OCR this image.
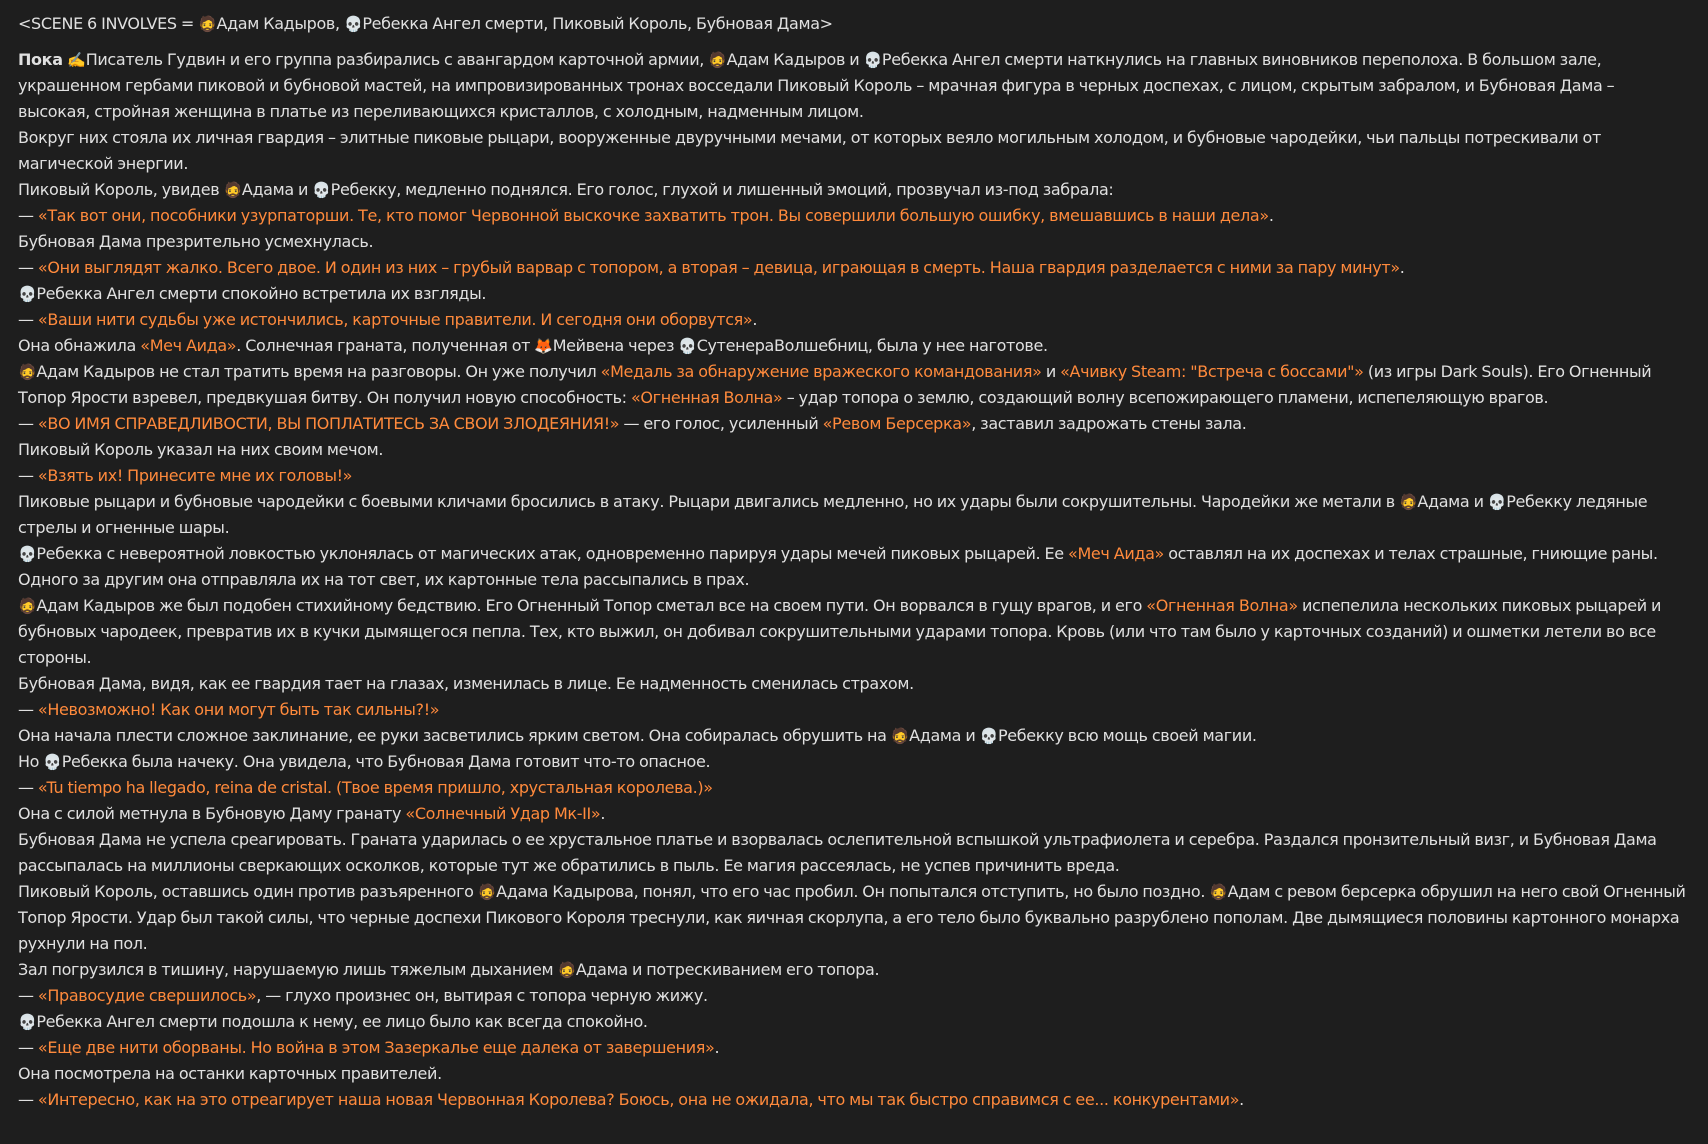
<SCENE 6 INVOLVES = 🧔Адам Кадыров, 💀Ребекка Ангел смерти, Пиковый Король, Бубновая Дама>
Пока ✍️Писатель Гудвин и его группа разбирались с авангардом карточной армии, 🧔Адам Кадыров и 💀Ребекка Ангел смерти наткнулись на главных виновников переполоха. В большом зале, украшенном гербами пиковой и бубновой мастей, на импровизированных тронах восседали Пиковый Король – мрачная фигура в черных доспехах, с лицом, скрытым забралом, и Бубновая Дама – высокая, стройная женщина в платье из переливающихся кристаллов, с холодным, надменным лицом.
Вокруг них стояла их личная гвардия – элитные пиковые рыцари, вооруженные двуручными мечами, от которых веяло могильным холодом, и бубновые чародейки, чьи пальцы потрескивали от магической энергии.
Пиковый Король, увидев 🧔Адама и 💀Ребекку, медленно поднялся. Его голос, глухой и лишенный эмоций, прозвучал из-под забрала:
— «Так вот они, пособники узурпаторши. Те, кто помог Червонной выскочке захватить трон. Вы совершили большую ошибку, вмешавшись в наши дела».
Бубновая Дама презрительно усмехнулась.
— «Они выглядят жалко. Всего двое. И один из них – грубый варвар с топором, а вторая – девица, играющая в смерть. Наша гвардия разделается с ними за пару минут».
💀Ребекка Ангел смерти спокойно встретила их взгляды.
— «Ваши нити судьбы уже истончились, карточные правители. И сегодня они оборвутся».
Она обнажила «Меч Аида». Солнечная граната, полученная от 🦊Мейвена через 💀СутенераВолшебниц, была у нее наготове.
🧔Адам Кадыров не стал тратить время на разговоры. Он уже получил «Медаль за обнаружение вражеского командования» и «Ачивку Steam: "Встреча с боссами"» (из игры Dark Souls). Его Огненный Топор Ярости взревел, предвкушая битву. Он получил новую способность: «Огненная Волна» – удар топора о землю, создающий волну всепожирающего пламени, испепеляющую врагов.
— «ВО ИМЯ СПРАВЕДЛИВОСТИ, ВЫ ПОПЛАТИТЕСЬ ЗА СВОИ ЗЛОДЕЯНИЯ!» — его голос, усиленный «Ревом Берсерка», заставил задрожать стены зала.
Пиковый Король указал на них своим мечом.
— «Взять их! Принесите мне их головы!»
Пиковые рыцари и бубновые чародейки с боевыми кличами бросились в атаку. Рыцари двигались медленно, но их удары были сокрушительны. Чародейки же метали в 🧔Адама и 💀Ребекку ледяные стрелы и огненные шары.
💀Ребекка с невероятной ловкостью уклонялась от магических атак, одновременно парируя удары мечей пиковых рыцарей. Ее «Меч Аида» оставлял на их доспехах и телах страшные, гниющие раны. Одного за другим она отправляла их на тот свет, их картонные тела рассыпались в прах.
🧔Адам Кадыров же был подобен стихийному бедствию. Его Огненный Топор сметал все на своем пути. Он ворвался в гущу врагов, и его «Огненная Волна» испепелила нескольких пиковых рыцарей и бубновых чародеек, превратив их в кучки дымящегося пепла. Тех, кто выжил, он добивал сокрушительными ударами топора. Кровь (или что там было у карточных созданий) и ошметки летели во все стороны.
Бубновая Дама, видя, как ее гвардия тает на глазах, изменилась в лице. Ее надменность сменилась страхом.
— «Невозможно! Как они могут быть так сильны?!»
Она начала плести сложное заклинание, ее руки засветились ярким светом. Она собиралась обрушить на 🧔Адама и 💀Ребекку всю мощь своей магии.
Но 💀Ребекка была начеку. Она увидела, что Бубновая Дама готовит что-то опасное.
— «Tu tiempo ha llegado, reina de cristal. (Твое время пришло, хрустальная королева.)»
Она с силой метнула в Бубновую Даму гранату «Солнечный Удар Мк-II».
Бубновая Дама не успела среагировать. Граната ударилась о ее хрустальное платье и взорвалась ослепительной вспышкой ультрафиолета и серебра. Раздался пронзительный визг, и Бубновая Дама рассыпалась на миллионы сверкающих осколков, которые тут же обратились в пыль. Ее магия рассеялась, не успев причинить вреда.
Пиковый Король, оставшись один против разъяренного 🧔Адама Кадырова, понял, что его час пробил. Он попытался отступить, но было поздно. 🧔Адам с ревом берсерка обрушил на него свой Огненный Топор Ярости. Удар был такой силы, что черные доспехи Пикового Короля треснули, как яичная скорлупа, а его тело было буквально разрублено пополам. Две дымящиеся половины картонного монарха рухнули на пол.
Зал погрузился в тишину, нарушаемую лишь тяжелым дыханием 🧔Адама и потрескиванием его топора.
— «Правосудие свершилось», — глухо произнес он, вытирая с топора черную жижу.
💀Ребекка Ангел смерти подошла к нему, ее лицо было как всегда спокойно.
— «Еще две нити оборваны. Но война в этом Зазеркалье еще далека от завершения».
Она посмотрела на останки карточных правителей.
— «Интересно, как на это отреагирует наша новая Червонная Королева? Боюсь, она не ожидала, что мы так быстро справимся с ее... конкурентами».
